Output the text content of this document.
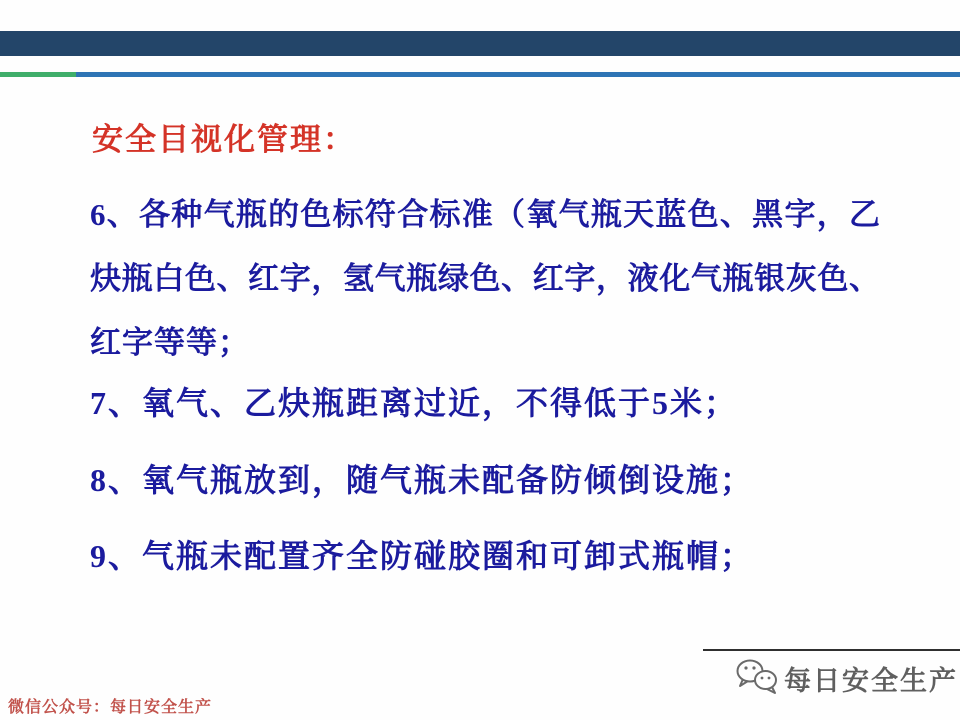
安全目视化管理：
6、各种气瓶的色标符合标准（氧气瓶天蓝色、黑字，乙
炔瓶白色、红字，氢气瓶绿色、红字，液化气瓶银灰色、
红字等等；
7、氧气、乙炔瓶距离过近，不得低于5米；
8、氧气瓶放到，随气瓶未配备防倾倒设施；
9、气瓶未配置齐全防碰胶圈和可卸式瓶帽；
微信公众号：每日安全生产
每日安全生产
